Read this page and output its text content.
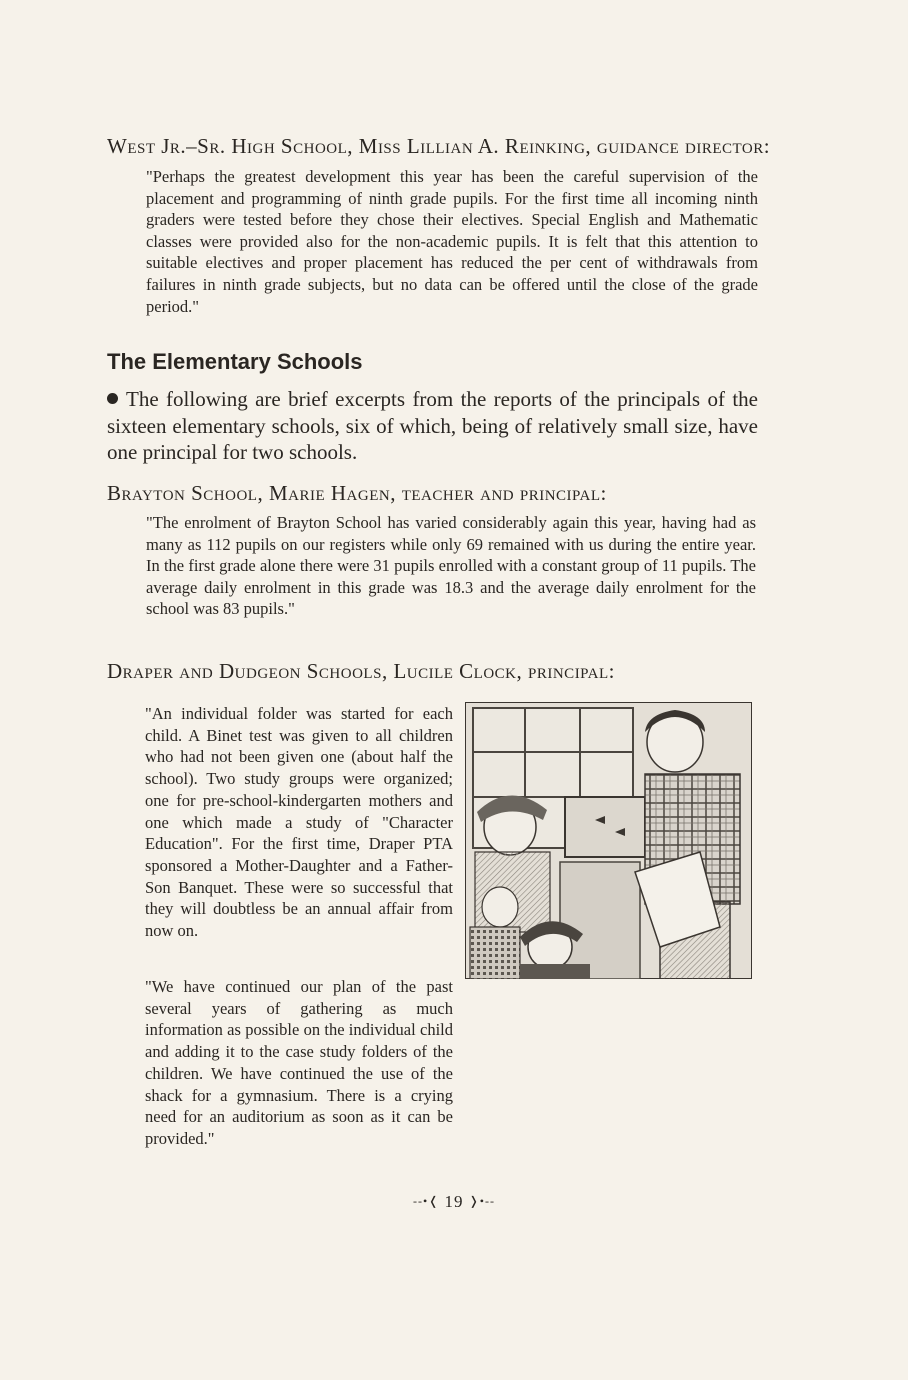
West Jr.–Sr. High School, Miss Lillian A. Reinking, guidance director:
"Perhaps the greatest development this year has been the careful supervision of the placement and programming of ninth grade pupils. For the first time all incoming ninth graders were tested before they chose their electives. Special English and Mathematic classes were provided also for the non-academic pupils. It is felt that this attention to suitable electives and proper placement has reduced the per cent of withdrawals from failures in ninth grade subjects, but no data can be offered until the close of the grade period."
The Elementary Schools
The following are brief excerpts from the reports of the principals of the sixteen elementary schools, six of which, being of relatively small size, have one principal for two schools.
Brayton School, Marie Hagen, teacher and principal:
"The enrolment of Brayton School has varied considerably again this year, having had as many as 112 pupils on our registers while only 69 remained with us during the entire year. In the first grade alone there were 31 pupils enrolled with a constant group of 11 pupils. The average daily enrolment in this grade was 18.3 and the average daily enrolment for the school was 83 pupils."
Draper and Dudgeon Schools, Lucile Clock, principal:
"An individual folder was started for each child. A Binet test was given to all children who had not been given one (about half the school). Two study groups were organized; one for pre-school-kindergarten mothers and one which made a study of "Character Education". For the first time, Draper PTA sponsored a Mother-Daughter and a Father-Son Banquet. These were so successful that they will doubtless be an annual affair from now on.
"We have continued our plan of the past several years of gathering as much information as possible on the individual child and adding it to the case study folders of the children. We have continued the use of the shack for a gymnasium. There is a crying need for an auditorium as soon as it can be provided."
--•❬ 19 ❭•--
